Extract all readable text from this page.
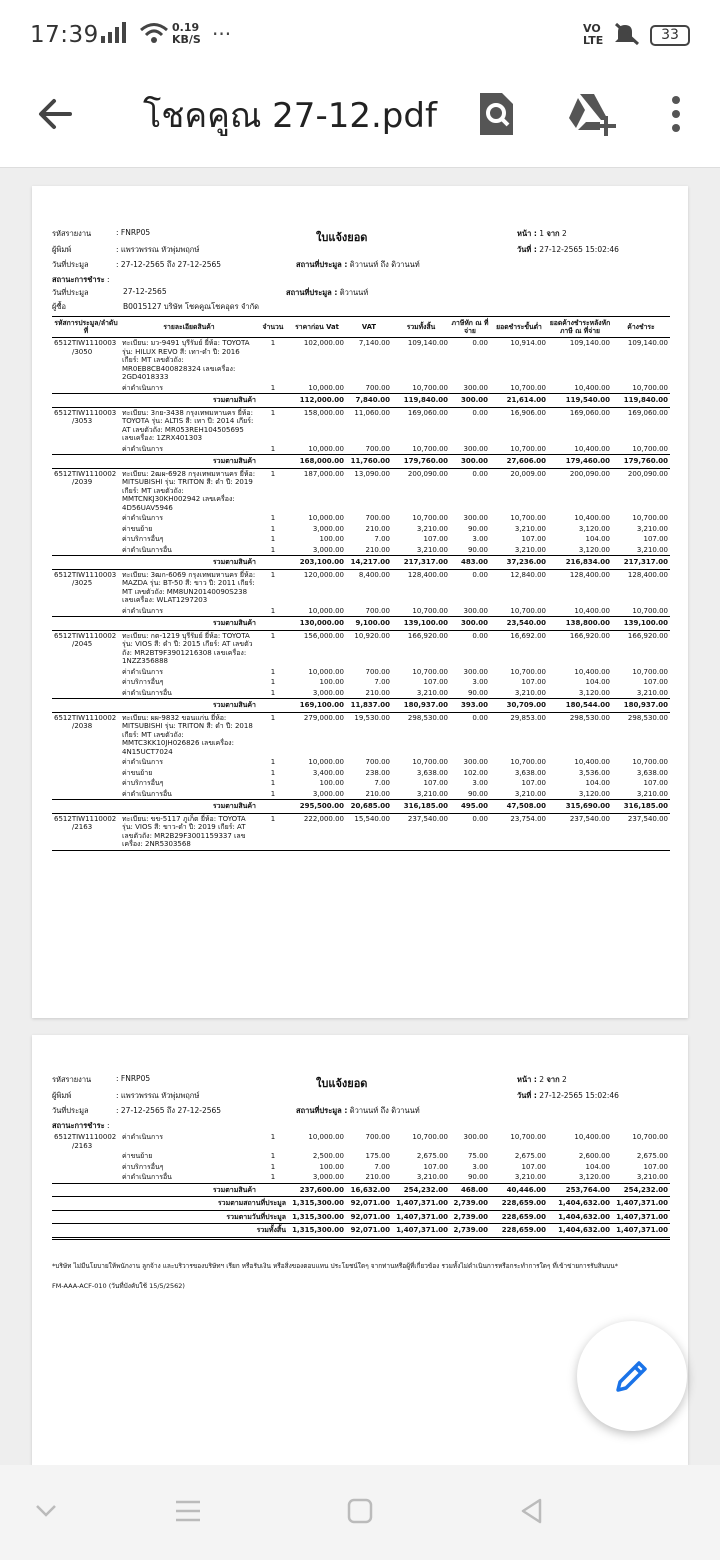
17:39	0.19
KB/S ···	VO
LTE	33
โชคคูณ 27-12.pdf
รหัสรายงาน	: FNRP05	ใบแจ้งยอด	หน้า : 1 จาก 2
ผู้พิมพ์	: แพรวพรรณ หัวพุ่มพฤกษ์	วันที่ : 27-12-2565 15:02:46
วันที่ประมูล	: 27-12-2565 ถึง 27-12-2565	สถานที่ประมูล : ดิวานนท์ ถึง ดิวานนท์
สถานะการชำระ :
วันที่ประมูล	27-12-2565	สถานที่ประมูล : ติวานนท์
ผู้ซื้อ	B0015127 บริษัท โชคคูณโชคอุดร จำกัด
รหัสการประมูล/ลำดับที่	รายละเอียดสินค้า	จำนวน	ราคาก่อน Vat	VAT	รวมทั้งสิ้น	ภาษีหัก ณ ที่จ่าย	ยอดชำระขั้นต่ำ	ยอดค้างชำระหลังหักภาษี ณ ที่จ่าย	ค้างชำระ

6512TIW1110003
/3050	ทะเบียน: มว-9491 บุรีรัมย์ ยี่ห้อ: TOYOTA รุ่น: HILUX REVO สี: เทา-ดำ ปี: 2016 เกียร์: MT เลขตัวถัง: MR0EB8CB400828324 เลขเครื่อง: 2GD4018333	1	102,000.00	7,140.00	109,140.00	0.00	10,914.00	109,140.00	109,140.00
	ค่าดำเนินการ	1	10,000.00	700.00	10,700.00	300.00	10,700.00	10,400.00	10,700.00
	รวมตามสินค้า		112,000.00	7,840.00	119,840.00	300.00	21,614.00	119,540.00	119,840.00

6512TIW1110003
/3053	ทะเบียน: 3กย-3438 กรุงเทพมหานคร ยี่ห้อ: TOYOTA รุ่น: ALTIS สี: เทา ปี: 2014 เกียร์: AT เลขตัวถัง: MR053REH104505695 เลขเครื่อง: 1ZRX401303	1	158,000.00	11,060.00	169,060.00	0.00	16,906.00	169,060.00	169,060.00
	ค่าดำเนินการ	1	10,000.00	700.00	10,700.00	300.00	10,700.00	10,400.00	10,700.00
	รวมตามสินค้า		168,000.00	11,760.00	179,760.00	300.00	27,606.00	179,460.00	179,760.00

6512TIW1110002
/2039	ทะเบียน: 2ฒผ-6928 กรุงเทพมหานคร ยี่ห้อ: MITSUBISHI รุ่น: TRITON สี: ดำ ปี: 2019 เกียร์: MT เลขตัวถัง: MMTCNKJ30KH002942 เลขเครื่อง: 4D56UAV5946	1	187,000.00	13,090.00	200,090.00	0.00	20,009.00	200,090.00	200,090.00
	ค่าดำเนินการ	1	10,000.00	700.00	10,700.00	300.00	10,700.00	10,400.00	10,700.00
	ค่าขนย้าย	1	3,000.00	210.00	3,210.00	90.00	3,210.00	3,120.00	3,210.00
	ค่าบริการอื่นๆ	1	100.00	7.00	107.00	3.00	107.00	104.00	107.00
	ค่าดำเนินการอื่น	1	3,000.00	210.00	3,210.00	90.00	3,210.00	3,120.00	3,210.00
	รวมตามสินค้า		203,100.00	14,217.00	217,317.00	483.00	37,236.00	216,834.00	217,317.00

6512TIW1110003
/3025	ทะเบียน: 3ฒก-6069 กรุงเทพมหานคร ยี่ห้อ: MAZDA รุ่น: BT-50 สี: ขาว ปี: 2011 เกียร์: MT เลขตัวถัง: MM8UN20140090S238 เลขเครื่อง: WLAT1297203	1	120,000.00	8,400.00	128,400.00	0.00	12,840.00	128,400.00	128,400.00
	ค่าดำเนินการ	1	10,000.00	700.00	10,700.00	300.00	10,700.00	10,400.00	10,700.00
	รวมตามสินค้า		130,000.00	9,100.00	139,100.00	300.00	23,540.00	138,800.00	139,100.00

6512TIW1110002
/2045	ทะเบียน: กต-1219 บุรีรัมย์ ยี่ห้อ: TOYOTA รุ่น: VIOS สี: ดำ ปี: 2015 เกียร์: AT เลขตัวถัง: MR2BT9F3901216308 เลขเครื่อง: 1NZZ356888	1	156,000.00	10,920.00	166,920.00	0.00	16,692.00	166,920.00	166,920.00
	ค่าดำเนินการ	1	10,000.00	700.00	10,700.00	300.00	10,700.00	10,400.00	10,700.00
	ค่าบริการอื่นๆ	1	100.00	7.00	107.00	3.00	107.00	104.00	107.00
	ค่าดำเนินการอื่น	1	3,000.00	210.00	3,210.00	90.00	3,210.00	3,120.00	3,210.00
	รวมตามสินค้า		169,100.00	11,837.00	180,937.00	393.00	30,709.00	180,544.00	180,937.00

6512TIW1110002
/2038	ทะเบียน: ผผ-9832 ขอนแก่น ยี่ห้อ: MITSUBISHI รุ่น: TRITON สี: ดำ ปี: 2018 เกียร์: MT เลขตัวถัง: MMTC3KK10JH026826 เลขเครื่อง: 4N15UCT7024	1	279,000.00	19,530.00	298,530.00	0.00	29,853.00	298,530.00	298,530.00
	ค่าดำเนินการ	1	10,000.00	700.00	10,700.00	300.00	10,700.00	10,400.00	10,700.00
	ค่าขนย้าย	1	3,400.00	238.00	3,638.00	102.00	3,638.00	3,536.00	3,638.00
	ค่าบริการอื่นๆ	1	100.00	7.00	107.00	3.00	107.00	104.00	107.00
	ค่าดำเนินการอื่น	1	3,000.00	210.00	3,210.00	90.00	3,210.00	3,120.00	3,210.00
	รวมตามสินค้า		295,500.00	20,685.00	316,185.00	495.00	47,508.00	315,690.00	316,185.00

6512TIW1110002
/2163	ทะเบียน: ขข-5117 ภูเก็ต ยี่ห้อ: TOYOTA รุ่น: VIOS สี: ขาว-ดำ ปี: 2019 เกียร์: AT เลขตัวถัง: MR2B29F3001159337 เลขเครื่อง: 2NR5303568	1	222,000.00	15,540.00	237,540.00	0.00	23,754.00	237,540.00	237,540.00
รหัสรายงาน	: FNRP05	ใบแจ้งยอด	หน้า : 2 จาก 2
ผู้พิมพ์	: แพรวพรรณ หัวพุ่มพฤกษ์	วันที่ : 27-12-2565 15:02:46
วันที่ประมูล	: 27-12-2565 ถึง 27-12-2565	สถานที่ประมูล : ดิวานนท์ ถึง ดิวานนท์
สถานะการชำระ :
6512TIW1110002
/2163	ค่าดำเนินการ	1	10,000.00	700.00	10,700.00	300.00	10,700.00	10,400.00	10,700.00
	ค่าขนย้าย	1	2,500.00	175.00	2,675.00	75.00	2,675.00	2,600.00	2,675.00
	ค่าบริการอื่นๆ	1	100.00	7.00	107.00	3.00	107.00	104.00	107.00
	ค่าดำเนินการอื่น	1	3,000.00	210.00	3,210.00	90.00	3,210.00	3,120.00	3,210.00
	รวมตามสินค้า		237,600.00	16,632.00	254,232.00	468.00	40,446.00	253,764.00	254,232.00
	รวมตามสถานที่ประมูล		1,315,300.00	92,071.00	1,407,371.00	2,739.00	228,659.00	1,404,632.00	1,407,371.00
	รวมตามวันที่ประมูล		1,315,300.00	92,071.00	1,407,371.00	2,739.00	228,659.00	1,404,632.00	1,407,371.00
	รวมทั้งสิ้น		1,315,300.00	92,071.00	1,407,371.00	2,739.00	228,659.00	1,404,632.00	1,407,371.00
*บริษัท ไม่มีนโยบายให้พนักงาน ลูกจ้าง และบริวารของบริษัทฯ เรียก หรือรับเงิน หรือสิ่งของตอบแทน ประโยชน์ใดๆ จากท่านหรือผู้ที่เกี่ยวข้อง รวมทั้งไม่ดำเนินการหรือกระทำการใดๆ ที่เข้าข่ายการรับสินบน*
FM-AAA-ACF-010 (วันที่บังคับใช้ 15/5/2562)
